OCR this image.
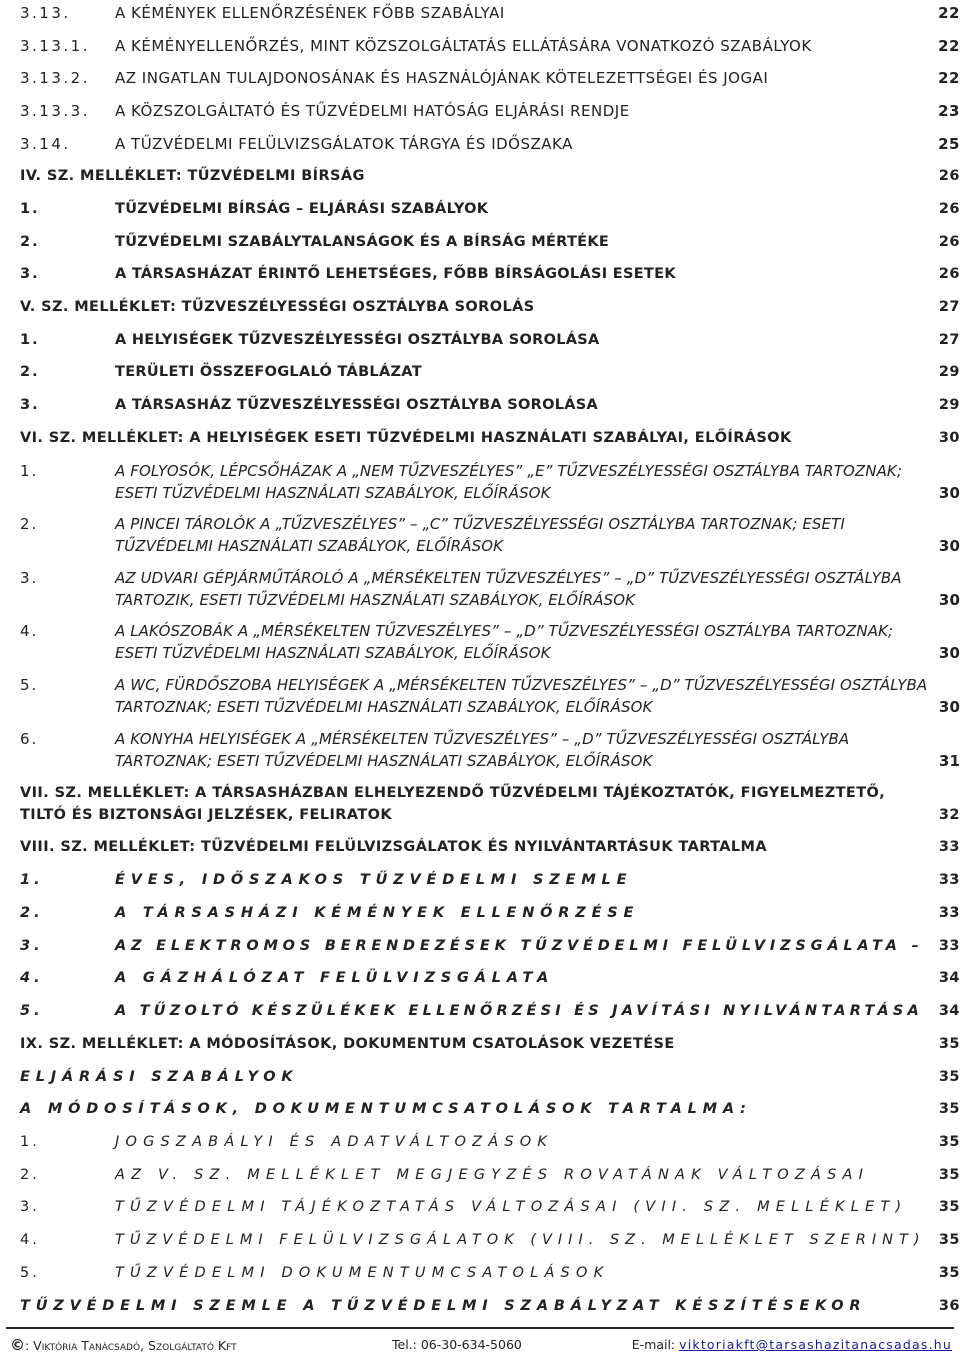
3.13.	A KÉMÉNYEK ELLENŐRZÉSÉNEK FŐBB SZABÁLYAI	22
3.13.1. A KÉMÉNYELLENŐRZÉS, MINT KÖZSZOLGÁLTATÁS ELLÁTÁSÁRA VONATKOZÓ SZABÁLYOK	22
3.13.2. AZ INGATLAN TULAJDONOSÁNAK ÉS HASZNÁLÓJÁNAK KÖTELEZETTSÉGEI ÉS JOGAI	22
3.13.3. A KÖZSZOLGÁLTATÓ ÉS TŰZVÉDELMI HATÓSÁG ELJÁRÁSI RENDJE	23
3.14.	A TŰZVÉDELMI FELÜLVIZSGÁLATOK TÁRGYA ÉS IDŐSZAKA	25
IV. SZ. MELLÉKLET: TŰZVÉDELMI BÍRSÁG	26
1.	TŰZVÉDELMI BÍRSÁG – ELJÁRÁSI SZABÁLYOK	26
2.	TŰZVÉDELMI SZABÁLYTALANSÁGOK ÉS A BÍRSÁG MÉRTÉKE	26
3.	A TÁRSASHÁZAT ÉRINTŐ LEHETSÉGES, FŐBB BÍRSÁGOLÁSI ESETEK	26
V. SZ. MELLÉKLET: TŰZVESZÉLYESSÉGI OSZTÁLYBA SOROLÁS	27
1.	A HELYISÉGEK TŰZVESZÉLYESSÉGI OSZTÁLYBA SOROLÁSA	27
2.	TERÜLETI ÖSSZEFOGLALÓ TÁBLÁZAT	29
3.	A TÁRSASHÁZ TŰZVESZÉLYESSÉGI OSZTÁLYBA SOROLÁSA	29
VI. SZ. MELLÉKLET: A HELYISÉGEK ESETI TŰZVÉDELMI HASZNÁLATI SZABÁLYAI, ELŐÍRÁSOK	30
1.	A FOLYOSÓK, LÉPCSŐHÁZAK A „NEM TŰZVESZÉLYES” „E” TŰZVESZÉLYESSÉGI OSZTÁLYBA TARTOZNAK; ESETI TŰZVÉDELMI HASZNÁLATI SZABÁLYOK, ELŐÍRÁSOK	30
2.	A PINCEI TÁROLÓK A „TŰZVESZÉLYES” – „C” TŰZVESZÉLYESSÉGI OSZTÁLYBA TARTOZNAK; ESETI TŰZVÉDELMI HASZNÁLATI SZABÁLYOK, ELŐÍRÁSOK	30
3.	AZ UDVARI GÉPJÁRMŰTÁROLÓ A „MÉRSÉKELTEN TŰZVESZÉLYES” – „D” TŰZVESZÉLYESSÉGI OSZTÁLYBA TARTOZIK, ESETI TŰZVÉDELMI HASZNÁLATI SZABÁLYOK, ELŐÍRÁSOK	30
4.	A LAKÓSZOBÁK A „MÉRSÉKELTEN TŰZVESZÉLYES” – „D” TŰZVESZÉLYESSÉGI OSZTÁLYBA TARTOZNAK; ESETI TŰZVÉDELMI HASZNÁLATI SZABÁLYOK, ELŐÍRÁSOK	30
5.	A WC, FÜRDŐSZOBA HELYISÉGEK A „MÉRSÉKELTEN TŰZVESZÉLYES” – „D” TŰZVESZÉLYESSÉGI OSZTÁLYBA TARTOZNAK; ESETI TŰZVÉDELMI HASZNÁLATI SZABÁLYOK, ELŐÍRÁSOK	30
6.	A KONYHA HELYISÉGEK A „MÉRSÉKELTEN TŰZVESZÉLYES” – „D” TŰZVESZÉLYESSÉGI OSZTÁLYBA TARTOZNAK; ESETI TŰZVÉDELMI HASZNÁLATI SZABÁLYOK, ELŐÍRÁSOK	31
VII. SZ. MELLÉKLET: A TÁRSASHÁZBAN ELHELYEZENDŐ TŰZVÉDELMI TÁJÉKOZTATÓK, FIGYELMEZTETŐ, TILTÓ ÉS BIZTONSÁGI JELZÉSEK, FELIRATOK	32
VIII. SZ. MELLÉKLET: TŰZVÉDELMI FELÜLVIZSGÁLATOK ÉS NYILVÁNTARTÁSUK TARTALMA	33
1.	ÉVES, IDŐSZAKOS TŰZVÉDELMI SZEMLE	33
2.	A TÁRSASHÁZI KÉMÉNYEK ELLENŐRZÉSE	33
3.	AZ ELEKTROMOS BERENDEZÉSEK TŰZVÉDELMI FELÜLVIZSGÁLATA – 33
4.	A GÁZHÁLÓZAT FELÜLVIZSGÁLATA	34
5.	A TŰZOLTÓ KÉSZÜLÉKEK ELLENŐRZÉSI ÉS JAVÍTÁSI NYILVÁNTARTÁSA 34
IX. SZ. MELLÉKLET: A MÓDOSÍTÁSOK, DOKUMENTUM CSATOLÁSOK VEZETÉSE	35
ELJÁRÁSI SZABÁLYOK	35
A MÓDOSÍTÁSOK, DOKUMENTUMCSATOLÁSOK TARTALMA:	35
1.	JOGSZABÁLYI ÉS ADATVÁLTOZÁSOK	35
2.	AZ V. SZ. MELLÉKLET MEGJEGYZÉS ROVATÁNAK VÁLTOZÁSAI	35
3.	TŰZVÉDELMI TÁJÉKOZTATÁS VÁLTOZÁSAI (VII. SZ. MELLÉKLET) 35
4.	TŰZVÉDELMI FELÜLVIZSGÁLATOK (VIII. SZ. MELLÉKLET SZERINT) 35
5.	TŰZVÉDELMI DOKUMENTUMCSATOLÁSOK	35
TŰZVÉDELMI SZEMLE A TŰZVÉDELMI SZABÁLYZAT KÉSZÍTÉSEKOR	36
©: Viktória Tanácsadó, Szolgáltató Kft	Tel.: 06-30-634-5060	E-mail: viktoriakft@tarsashazitanacsadas.hu
